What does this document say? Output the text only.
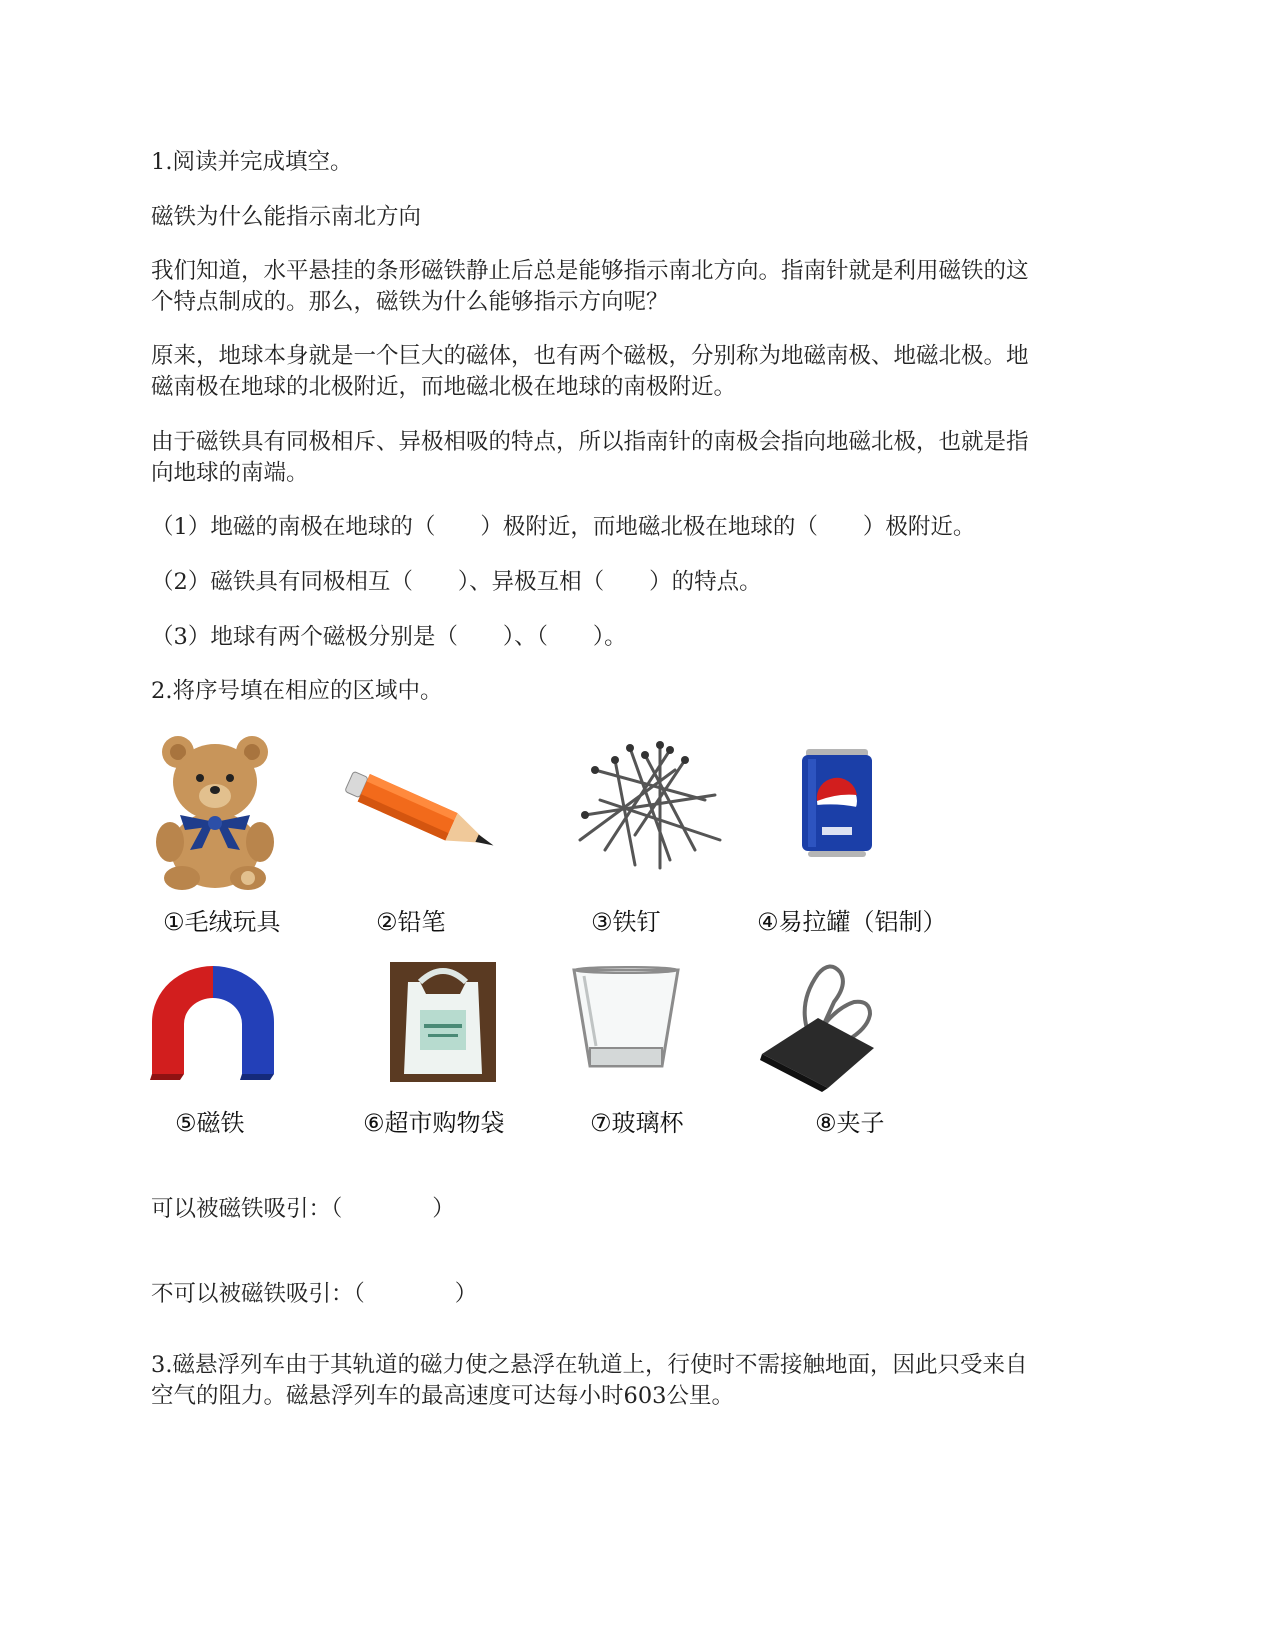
1.阅读并完成填空。

磁铁为什么能指示南北方向

我们知道，水平悬挂的条形磁铁静止后总是能够指示南北方向。指南针就是利用磁铁的这

个特点制成的。那么，磁铁为什么能够指示方向呢？

原来，地球本身就是一个巨大的磁体，也有两个磁极，分别称为地磁南极、地磁北极。地

磁南极在地球的北极附近，而地磁北极在地球的南极附近。

由于磁铁具有同极相斥、异极相吸的特点，所以指南针的南极会指向地磁北极，也就是指

向地球的南端。

（1）地磁的南极在地球的（　　）极附近，而地磁北极在地球的（　　）极附近。

（2）磁铁具有同极相互（　　）、异极互相（　　）的特点。

（3）地球有两个磁极分别是（　　）、（　　）。

2.将序号填在相应的区域中。

①毛绒玩具	②铅笔	③铁钉	④易拉罐（铝制）
⑤磁铁	⑥超市购物袋	⑦玻璃杯	⑧夹子

可以被磁铁吸引：（　　　　）

不可以被磁铁吸引：（　　　　）

3.磁悬浮列车由于其轨道的磁力使之悬浮在轨道上，行使时不需接触地面，因此只受来自

空气的阻力。磁悬浮列车的最高速度可达每小时603公里。
